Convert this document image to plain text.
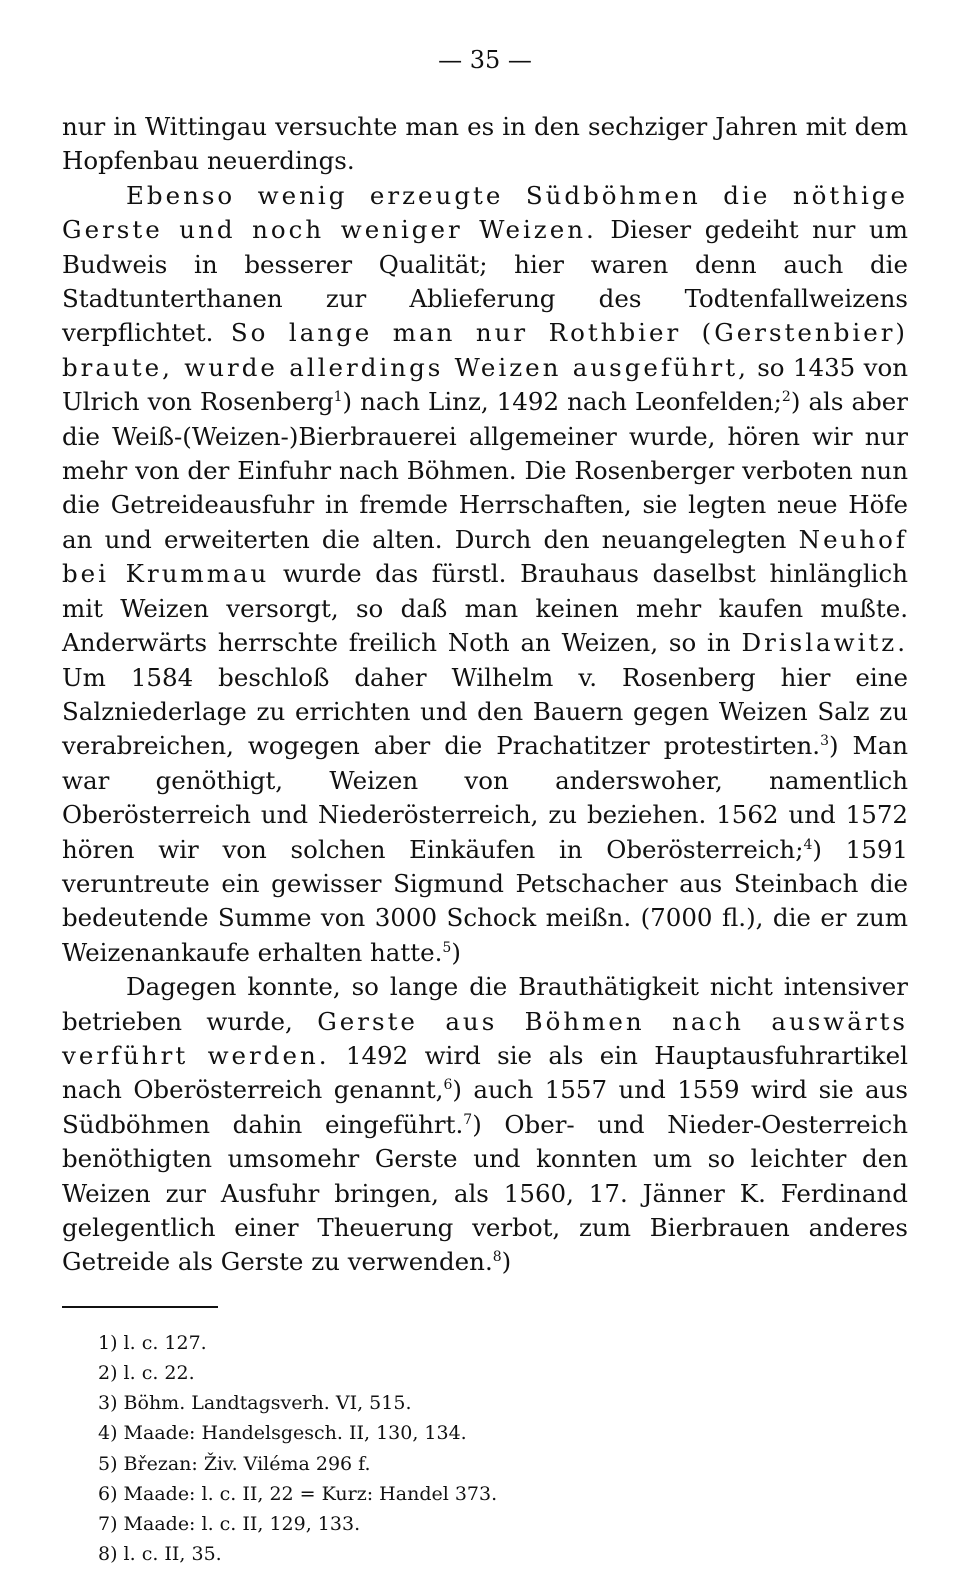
— 35 —

nur in Wittingau versuchte man es in den sechziger Jahren mit dem Hopfenbau neuerdings.

Ebenso wenig erzeugte Südböhmen die nöthige Gerste und noch weniger Weizen. Dieser gedeiht nur um Budweis in besserer Qualität; hier waren denn auch die Stadtunterthanen zur Ablieferung des Todtenfallweizens verpflichtet. So lange man nur Rothbier (Gerstenbier) braute, wurde allerdings Weizen ausgeführt, so 1435 von Ulrich von Rosenberg$^1$) nach Linz, 1492 nach Leonfelden;$^2$) als aber die Weiß-(Weizen-)Bierbrauerei allgemeiner wurde, hören wir nur mehr von der Einfuhr nach Böhmen. Die Rosenberger verboten nun die Getreideausfuhr in fremde Herrschaften, sie legten neue Höfe an und erweiterten die alten. Durch den neuangelegten Neuhof bei Krummau wurde das fürstl. Brauhaus daselbst hinlänglich mit Weizen versorgt, so daß man keinen mehr kaufen mußte. Anderwärts herrschte freilich Noth an Weizen, so in Drislawitz. Um 1584 beschloß daher Wilhelm v. Rosenberg hier eine Salzniederlage zu errichten und den Bauern gegen Weizen Salz zu verabreichen, wogegen aber die Prachatitzer protestirten.$^3$) Man war genöthigt, Weizen von anderswoher, namentlich Oberösterreich und Niederösterreich, zu beziehen. 1562 und 1572 hören wir von solchen Einkäufen in Oberösterreich;$^4$) 1591 veruntreute ein gewisser Sigmund Petschacher aus Steinbach die bedeutende Summe von 3000 Schock meißn. (7000 fl.), die er zum Weizenankaufe erhalten hatte.$^5$)

Dagegen konnte, so lange die Brauthätigkeit nicht intensiver betrieben wurde, Gerste aus Böhmen nach auswärts verführt werden. 1492 wird sie als ein Hauptausfuhrartikel nach Oberösterreich genannt,$^6$) auch 1557 und 1559 wird sie aus Südböhmen dahin eingeführt.$^7$) Ober- und Nieder-Oesterreich benöthigten umsomehr Gerste und konnten um so leichter den Weizen zur Ausfuhr bringen, als 1560, 17. Jänner K. Ferdinand gelegentlich einer Theuerung verbot, zum Bierbrauen anderes Getreide als Gerste zu verwenden.$^8$)

1) l. c. 127.
2) l. c. 22.
3) Böhm. Landtagsverh. VI, 515.
4) Maade: Handelsgesch. II, 130, 134.
5) Březan: Živ. Viléma 296 f.
6) Maade: l. c. II, 22 = Kurz: Handel 373.
7) Maade: l. c. II, 129, 133.
8) l. c. II, 35.
